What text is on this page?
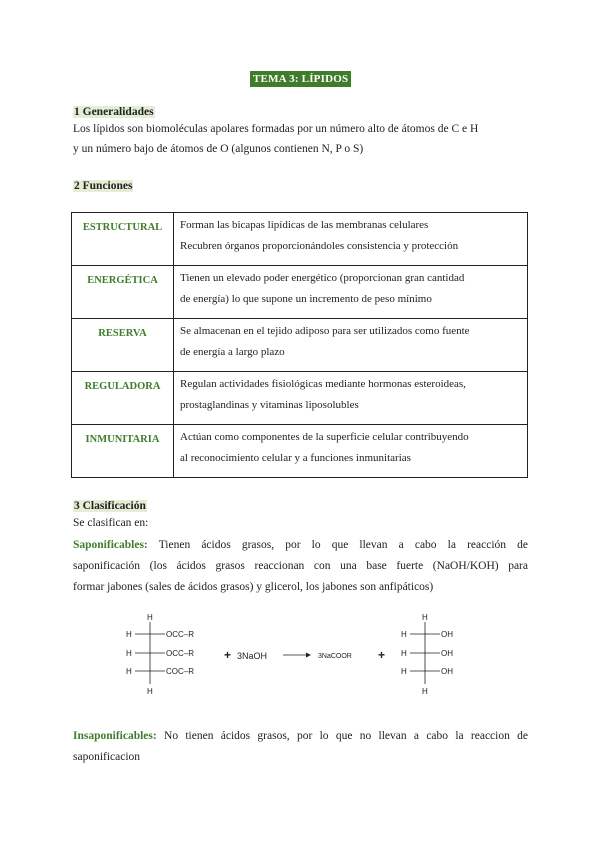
TEMA 3: LÍPIDOS
1 Generalidades
Los lípidos son biomoléculas apolares formadas por un número alto de átomos de C e H
y un número bajo de átomos de O (algunos contienen N, P o S)
2 Funciones
ESTRUCTURAL	Forman las bicapas lipídicas de las membranas celulares
Recubren órganos proporcionándoles consistencia y protección

ENERGÉTICA	Tienen un elevado poder energético (proporcionan gran cantidad
de energía) lo que supone un incremento de peso mínimo

RESERVA	Se almacenan en el tejido adiposo para ser utilizados como fuente
de energía a largo plazo

REGULADORA	Regulan actividades fisiológicas mediante hormonas esteroideas,
prostaglandinas y vitaminas liposolubles

INMUNITARIA	Actúan como componentes de la superficie celular contribuyendo
al reconocimiento celular y a funciones inmunitarias
3 Clasificación
Se clasifican en:
Saponificables: Tienen ácidos grasos, por lo que llevan a cabo la reacción de
saponificación (los ácidos grasos reaccionan con una base fuerte (NaOH/KOH) para
formar jabones (sales de ácidos grasos) y glicerol, los jabones son anfipáticos)
H
H
H
H
H
OCC–R
OCC–R
COC–R
+ 3NaOH	3NaCOOR +
H
H
H
H
H
OH
OH
OH
Insaponificables: No tienen ácidos grasos, por lo que no llevan a cabo la reaccion de
saponificacion
